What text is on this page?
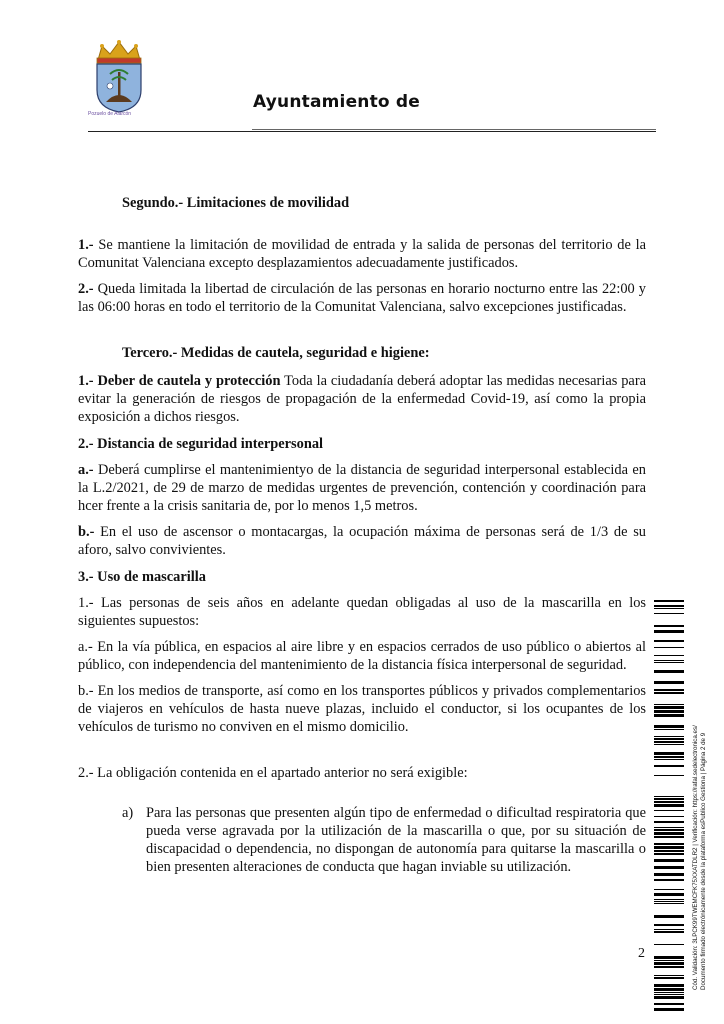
Pozuelo de Alarcón
Ayuntamiento de

Segundo.- Limitaciones de movilidad

1.- Se mantiene la limitación de movilidad de entrada y la salida de personas del territorio de la Comunitat Valenciana excepto desplazamientos adecuadamente justificados.

2.- Queda limitada la libertad de circulación de las personas en horario nocturno entre las 22:00 y las 06:00 horas en todo el territorio de la Comunitat Valenciana, salvo excepciones justificadas.

Tercero.- Medidas de cautela, seguridad e higiene:

1.- Deber de cautela y protección Toda la ciudadanía deberá adoptar las medidas necesarias para evitar la generación de riesgos de propagación de la enfermedad Covid-19, así como la propia exposición a dichos riesgos.

2.- Distancia de seguridad interpersonal

a.- Deberá cumplirse el mantenimientyo de la distancia de seguridad interpersonal establecida en la L.2/2021, de 29 de marzo de medidas urgentes de prevención, contención y coordinación para hcer frente a la crisis sanitaria de, por lo menos 1,5 metros.

b.- En el uso de ascensor o montacargas, la ocupación máxima de personas será de 1/3 de su aforo, salvo convivientes.

3.- Uso de mascarilla

1.- Las personas de seis años en adelante quedan obligadas al uso de la mascarilla en los siguientes supuestos:

a.- En la vía pública, en espacios al aire libre y en espacios cerrados de uso público o abiertos al público, con independencia del mantenimiento de la distancia física interpersonal de seguridad.

b.- En los medios de transporte, así como en los transportes públicos y privados complementarios de viajeros en vehículos de hasta nueve plazas, incluido el conductor, si los ocupantes de los vehículos de turismo no conviven en el mismo domicilio.

2.- La obligación contenida en el apartado anterior no será exigible:

a) Para las personas que presenten algún tipo de enfermedad o dificultad respiratoria que pueda verse agravada por la utilización de la mascarilla o que, por su situación de discapacidad o dependencia, no dispongan de autonomía para quitarse la mascarilla o bien presenten alteraciones de conducta que hagan inviable su utilización.	Cód. Validación: 3LPCK99TWEMCFK75XXATDLR2 | Verificación: https://rafal.sedelectronica.es/ Documento firmado electrónicamente desde la plataforma esPublico Gestiona | Página 2 de 9
2
